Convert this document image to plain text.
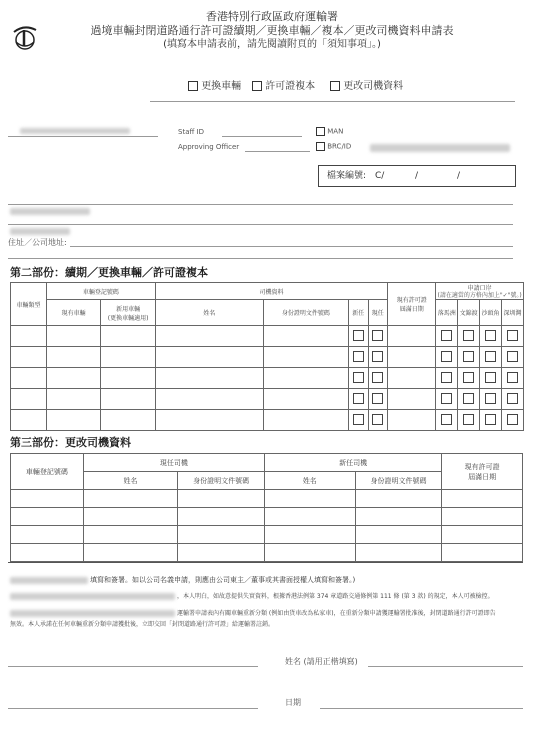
香港特別行政區政府運輸署
過境車輛封閉道路通行許可證續期／更換車輛／複本／更改司機資料申請表
(填寫本申請表前，請先閱讀附頁的「須知事項」。)
更換車輛	許可證複本	更改司機資料
Staff ID
Approving Officer
MAN
BRC/ID
檔案編號: C/	/	/
住址／公司地址:
第二部份：續期／更換車輛／許可證複本
車輛類型	車輛登記號碼		司機資料				現有許可證
屆滿日期	申請口岸
(請在適當的方格內加上"✓"號。)			
	現有車輛	新用車輛
(更換車輛適用)	姓名	身份證明文件號碼	新任	現任		落馬洲	文錦渡	沙頭角	深圳灣

第三部份：更改司機資料
車輛登記號碼	現任司機		新任司機		現有許可證
屆滿日期
	姓名	身份證明文件號碼	姓名	身份證明文件號碼	

填寫和簽署。如以公司名義申請，則應由公司東主／董事或其書面授權人填寫和簽署。)
，本人明白，如故意提供失實資料，根據香港法例第 374 章道路交通條例第 111 條 (第 3 款) 的規定，本人可被檢控。
運輸署申請表內有關車輛重新分類 (例如由貨車改為私家車)，在重新分類申請獲運輸署批准後，封閉道路通行許可證即告
無效。本人承諾在任何車輛重新分類申請獲批後，立即交回「封閉道路通行許可證」給運輸署註銷。
姓名 (請用正楷填寫)
日期
